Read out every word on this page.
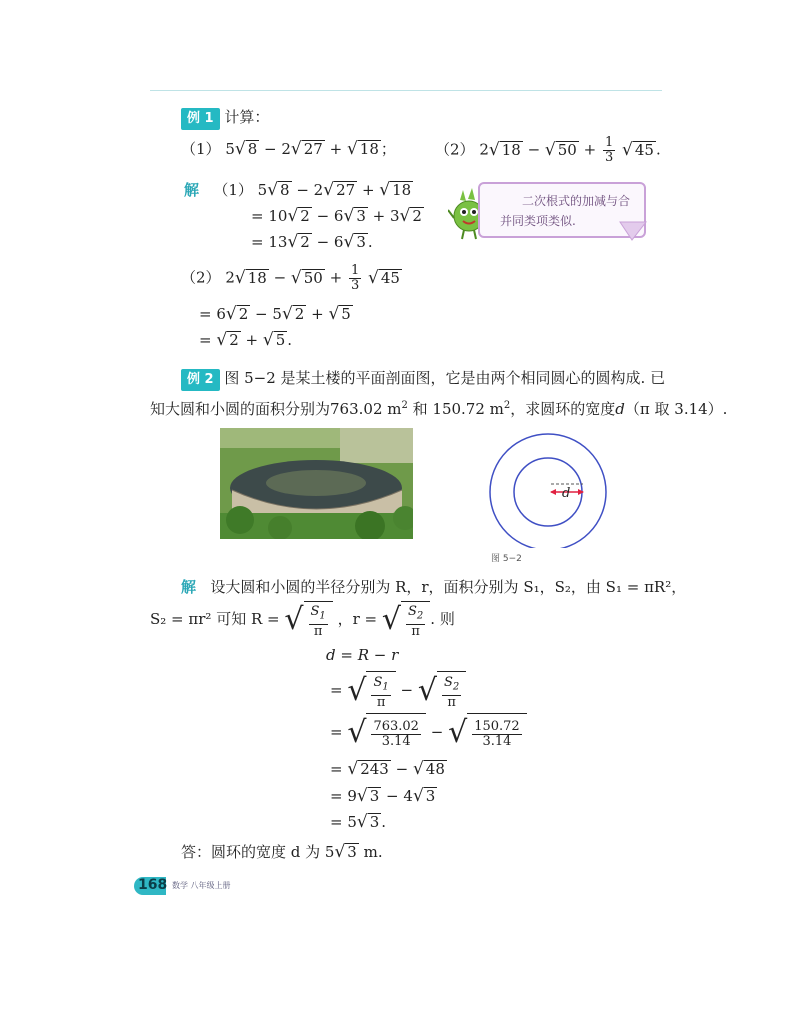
例 1 计算：
（1） 5√ 8 − 2√ 27 + √ 18 ；	（2） 2√ 18 − √ $50 + \frac{1}{3}$ √ 45 .
解 （1） 5√ 8 − 2√ 27 + √ 18
= 10√ 2 − 6√ 3 + 3√ 2
= 13√ 2 − 6√ 3 .
（2） 2√ 18 − √ $50 + \frac{1}{3}$ √ 45
= 6√ 2 − 5√ 2 + √ 5
= √ 2 + √ 5 .
二次根式的加减与合
并同类项类似.
例 2 图 5−2 是某土楼的平面剖面图，它是由两个相同圆心的圆构成. 已
知大圆和小圆的面积分别为763.02 $m^2$ 和 150.72 $m^2$，求圆环的宽度d（π 取 3.14）.
d
图 5−2
解 设大圆和小圆的半径分别为 R，r，面积分别为 S₁，S₂，由 S₁ = πR²，
S₂ = πr² 可知 R = √ $\frac{S_1}{\pi}$ ，r = √ $\frac{S_2}{\pi}$ . 则
d = R − r
= √ $\frac{S_1}{\pi}$ − √ $\frac{S_2}{\pi}$
= √ $\frac{763.02}{3.14}$ − √ $\frac{150.72}{3.14}$
= √ 243 − √ 48
= 9√ 3 − 4√ 3
= 5√ 3 .
答：圆环的宽度 d 为 5√ 3 m.
168 数学 八年级上册
